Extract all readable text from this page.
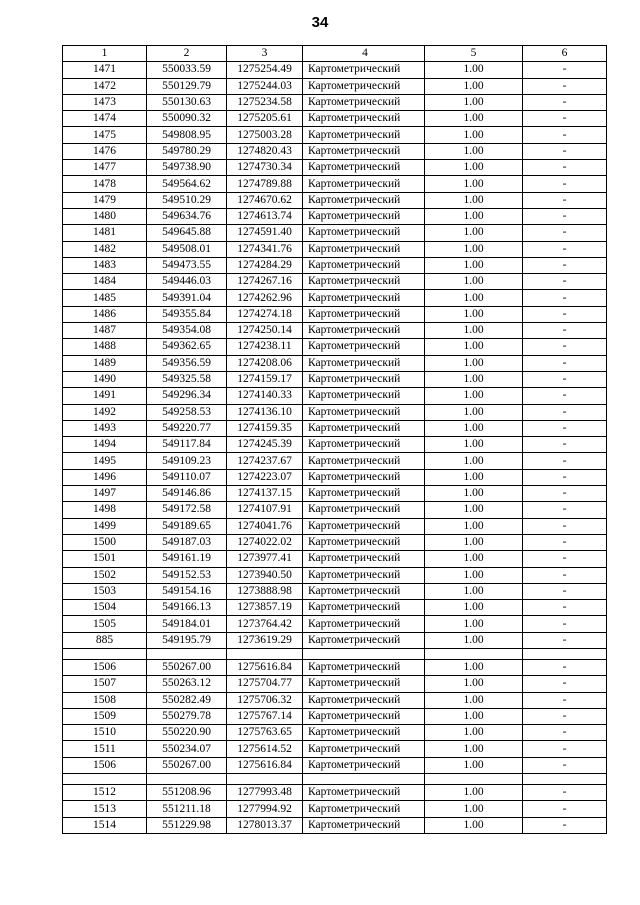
34
1	2	3	4	5	6
1471	550033.59	1275254.49	Картометрический	1.00	-
1472	550129.79	1275244.03	Картометрический	1.00	-
1473	550130.63	1275234.58	Картометрический	1.00	-
1474	550090.32	1275205.61	Картометрический	1.00	-
1475	549808.95	1275003.28	Картометрический	1.00	-
1476	549780.29	1274820.43	Картометрический	1.00	-
1477	549738.90	1274730.34	Картометрический	1.00	-
1478	549564.62	1274789.88	Картометрический	1.00	-
1479	549510.29	1274670.62	Картометрический	1.00	-
1480	549634.76	1274613.74	Картометрический	1.00	-
1481	549645.88	1274591.40	Картометрический	1.00	-
1482	549508.01	1274341.76	Картометрический	1.00	-
1483	549473.55	1274284.29	Картометрический	1.00	-
1484	549446.03	1274267.16	Картометрический	1.00	-
1485	549391.04	1274262.96	Картометрический	1.00	-
1486	549355.84	1274274.18	Картометрический	1.00	-
1487	549354.08	1274250.14	Картометрический	1.00	-
1488	549362.65	1274238.11	Картометрический	1.00	-
1489	549356.59	1274208.06	Картометрический	1.00	-
1490	549325.58	1274159.17	Картометрический	1.00	-
1491	549296.34	1274140.33	Картометрический	1.00	-
1492	549258.53	1274136.10	Картометрический	1.00	-
1493	549220.77	1274159.35	Картометрический	1.00	-
1494	549117.84	1274245.39	Картометрический	1.00	-
1495	549109.23	1274237.67	Картометрический	1.00	-
1496	549110.07	1274223.07	Картометрический	1.00	-
1497	549146.86	1274137.15	Картометрический	1.00	-
1498	549172.58	1274107.91	Картометрический	1.00	-
1499	549189.65	1274041.76	Картометрический	1.00	-
1500	549187.03	1274022.02	Картометрический	1.00	-
1501	549161.19	1273977.41	Картометрический	1.00	-
1502	549152.53	1273940.50	Картометрический	1.00	-
1503	549154.16	1273888.98	Картометрический	1.00	-
1504	549166.13	1273857.19	Картометрический	1.00	-
1505	549184.01	1273764.42	Картометрический	1.00	-
885	549195.79	1273619.29	Картометрический	1.00	-

1506	550267.00	1275616.84	Картометрический	1.00	-
1507	550263.12	1275704.77	Картометрический	1.00	-
1508	550282.49	1275706.32	Картометрический	1.00	-
1509	550279.78	1275767.14	Картометрический	1.00	-
1510	550220.90	1275763.65	Картометрический	1.00	-
1511	550234.07	1275614.52	Картометрический	1.00	-
1506	550267.00	1275616.84	Картометрический	1.00	-

1512	551208.96	1277993.48	Картометрический	1.00	-
1513	551211.18	1277994.92	Картометрический	1.00	-
1514	551229.98	1278013.37	Картометрический	1.00	-
